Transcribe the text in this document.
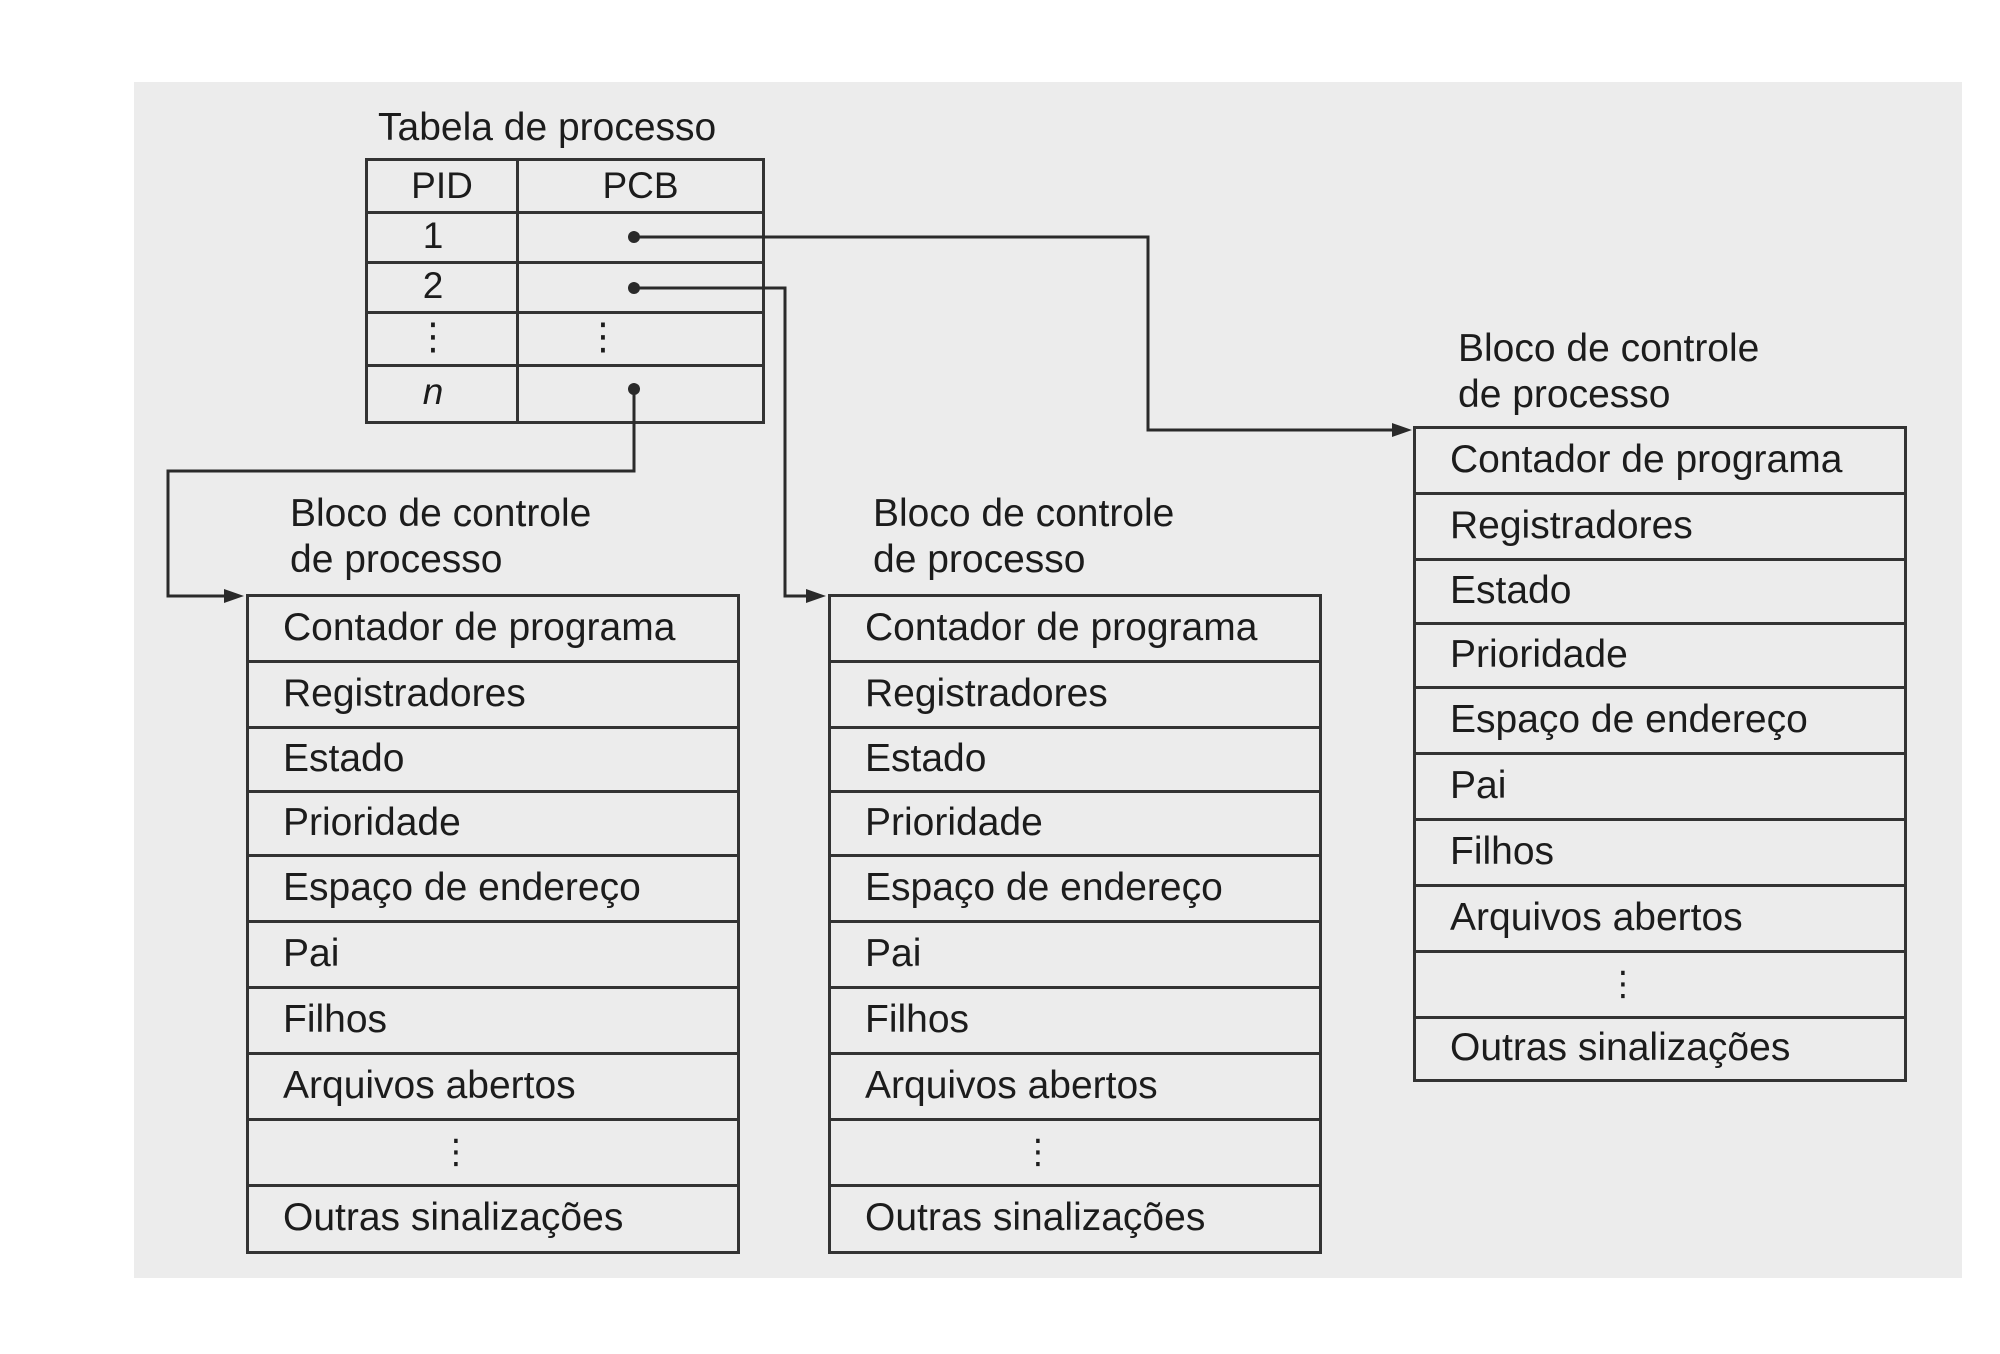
Tabela de processo
PID	PCB
1
2
⋮
n
⋮
Bloco de controle
de processo
Contador de programa
Registradores
Estado
Prioridade
Espaço de endereço
Pai
Filhos
Arquivos abertos
⋮
Outras sinalizações
Bloco de controle
de processo
Contador de programa
Registradores
Estado
Prioridade
Espaço de endereço
Pai
Filhos
Arquivos abertos
⋮
Outras sinalizações
Bloco de controle
de processo
Contador de programa
Registradores
Estado
Prioridade
Espaço de endereço
Pai
Filhos
Arquivos abertos
⋮
Outras sinalizações
